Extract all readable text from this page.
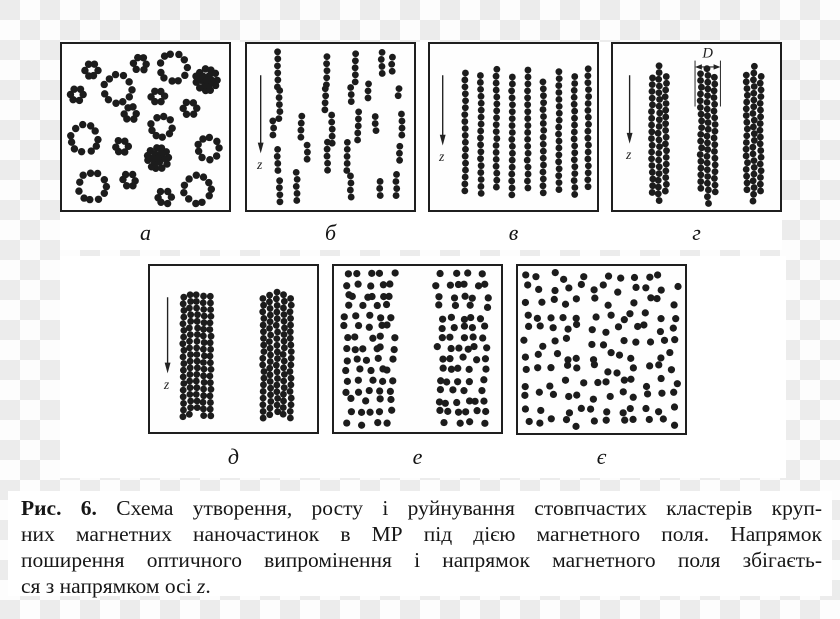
z
z	z
D
z
а	б	в	г
д	е	є
Рис. 6. Схема утворення, росту і руйнування стовпчастих кластерів круп-
них магнетних наночастинок в МР під дією магнетного поля. Напрямок
поширення оптичного випромінення і напрямок магнетного поля збігаєть-
ся з напрямком осі z.
